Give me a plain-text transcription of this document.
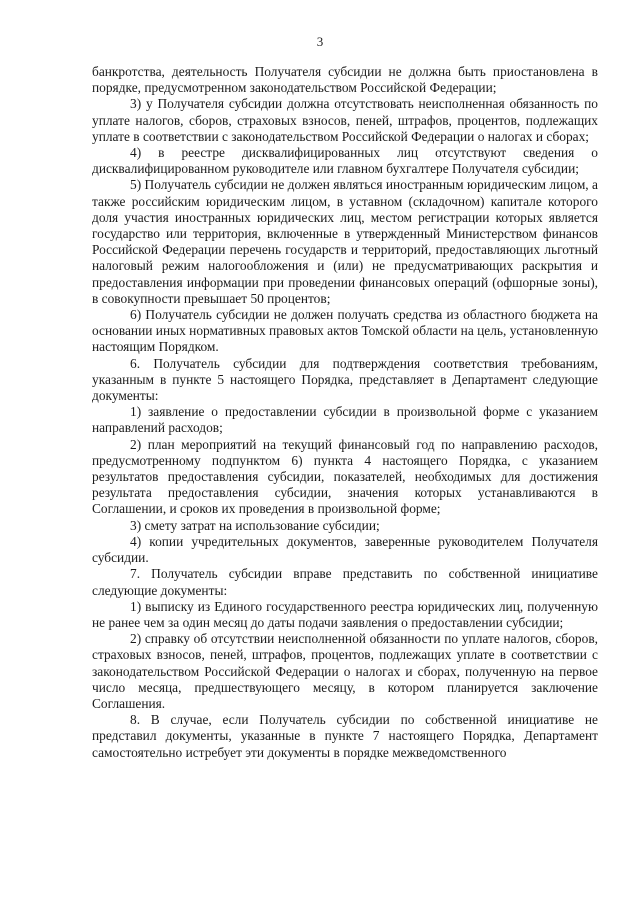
3

банкротства, деятельность Получателя субсидии не должна быть приостановлена в порядке, предусмотренном законодательством Российской Федерации;

3) у Получателя субсидии должна отсутствовать неисполненная обязанность по уплате налогов, сборов, страховых взносов, пеней, штрафов, процентов, подлежащих уплате в соответствии с законодательством Российской Федерации о налогах и сборах;

4) в реестре дисквалифицированных лиц отсутствуют сведения о дисквалифицированном руководителе или главном бухгалтере Получателя субсидии;

5) Получатель субсидии не должен являться иностранным юридическим лицом, а также российским юридическим лицом, в уставном (складочном) капитале которого доля участия иностранных юридических лиц, местом регистрации которых является государство или территория, включенные в утвержденный Министерством финансов Российской Федерации перечень государств и территорий, предоставляющих льготный налоговый режим налогообложения и (или) не предусматривающих раскрытия и предоставления информации при проведении финансовых операций (офшорные зоны), в совокупности превышает 50 процентов;

6) Получатель субсидии не должен получать средства из областного бюджета на основании иных нормативных правовых актов Томской области на цель, установленную настоящим Порядком.

6. Получатель субсидии для подтверждения соответствия требованиям, указанным в пункте 5 настоящего Порядка, представляет в Департамент следующие документы:

1) заявление о предоставлении субсидии в произвольной форме с указанием направлений расходов;

2) план мероприятий на текущий финансовый год по направлению расходов, предусмотренному подпунктом 6) пункта 4 настоящего Порядка, с указанием результатов предоставления субсидии, показателей, необходимых для достижения результата предоставления субсидии, значения которых устанавливаются в Соглашении, и сроков их проведения в произвольной форме;

3) смету затрат на использование субсидии;

4) копии учредительных документов, заверенные руководителем Получателя субсидии.

7. Получатель субсидии вправе представить по собственной инициативе следующие документы:

1) выписку из Единого государственного реестра юридических лиц, полученную не ранее чем за один месяц до даты подачи заявления о предоставлении субсидии;

2) справку об отсутствии неисполненной обязанности по уплате налогов, сборов, страховых взносов, пеней, штрафов, процентов, подлежащих уплате в соответствии с законодательством Российской Федерации о налогах и сборах, полученную на первое число месяца, предшествующего месяцу, в котором планируется заключение Соглашения.

8. В случае, если Получатель субсидии по собственной инициативе не представил документы, указанные в пункте 7 настоящего Порядка, Департамент самостоятельно истребует эти документы в порядке межведомственного
